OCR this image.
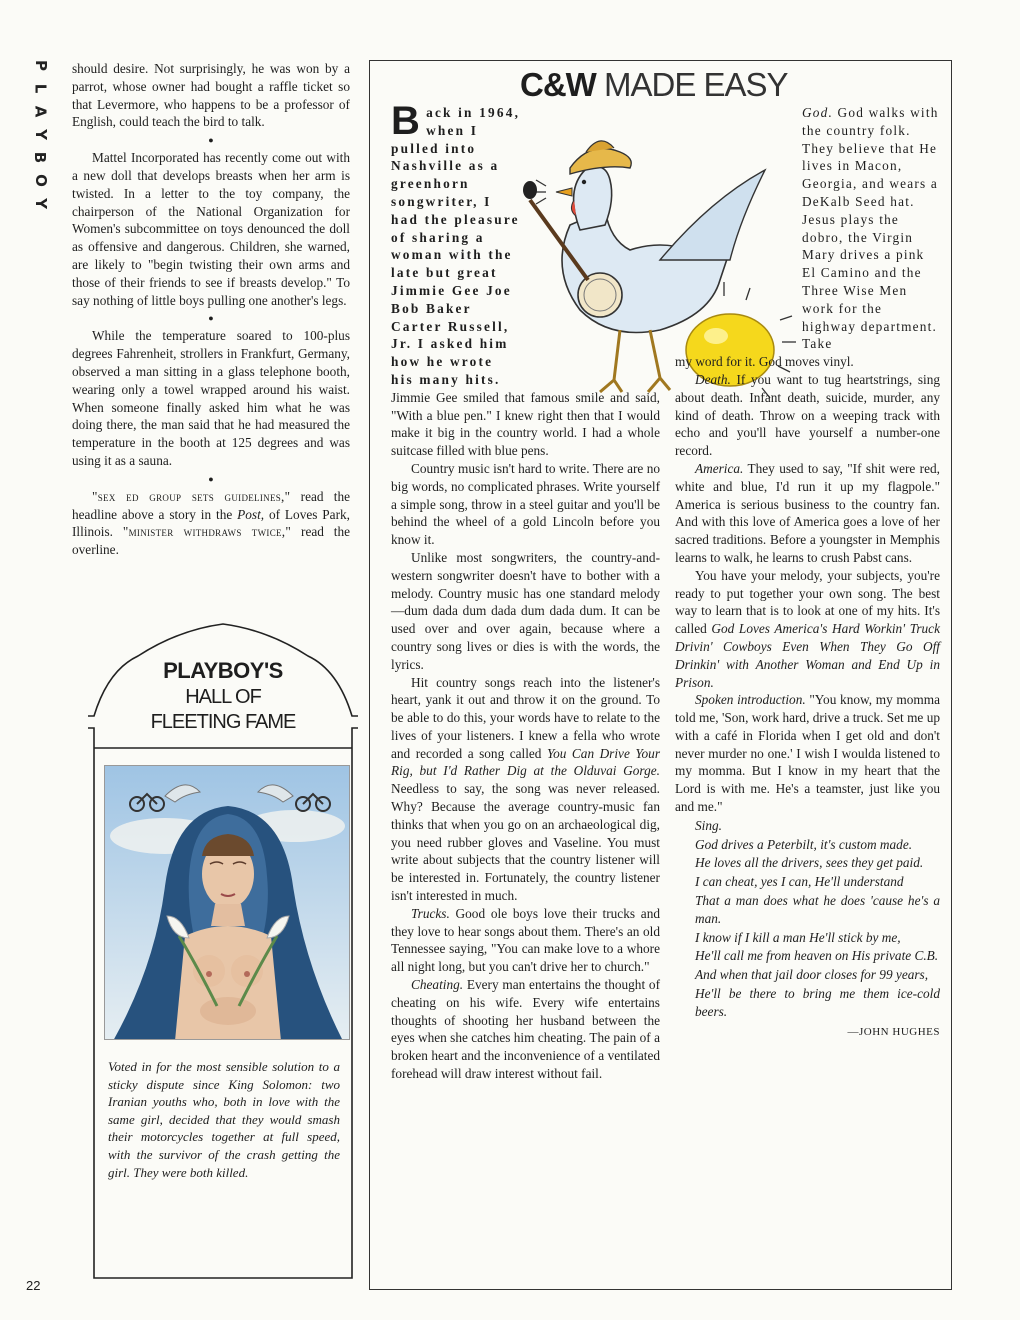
P
L
A
Y
B
O
Y

should desire. Not surprisingly, he was won by a parrot, whose owner had bought a raffle ticket so that Levermore, who happens to be a professor of English, could teach the bird to talk.

●

Mattel Incorporated has recently come out with a new doll that develops breasts when her arm is twisted. In a letter to the toy company, the chairperson of the National Organization for Women's subcommittee on toys denounced the doll as offensive and dangerous. Children, she warned, are likely to "begin twisting their own arms and those of their friends to see if breasts develop." To say nothing of little boys pulling one another's legs.

●

While the temperature soared to 100-plus degrees Fahrenheit, strollers in Frankfurt, Germany, observed a man sitting in a glass telephone booth, wearing only a towel wrapped around his waist. When someone finally asked him what he was doing there, the man said that he had measured the temperature in the booth at 125 degrees and was using it as a sauna.

●

"sex ed group sets guidelines," read the headline above a story in the Post, of Loves Park, Illinois. "minister withdraws twice," read the overline.

PLAYBOY'S
HALL OF
FLEETING FAME

Voted in for the most sensible solution to a sticky dispute since King Solomon: two Iranian youths who, both in love with the same girl, decided that they would smash their motorcycles together at full speed, with the survivor of the crash getting the girl. They were both killed.

C&W MADE EASY
Back in 1964, when I pulled into Nashville as a greenhorn songwriter, I had the pleasure of sharing a woman with the late but great Jimmie Gee Joe Bob Baker Carter Russell, Jr. I asked him how he wrote his many hits.

Jimmie Gee smiled that famous smile and said, "With a blue pen." I knew right then that I would make it big in the country world. I had a whole suitcase filled with blue pens.

Country music isn't hard to write. There are no big words, no complicated phrases. Write yourself a simple song, throw in a steel guitar and you'll be behind the wheel of a gold Lincoln before you know it.

Unlike most songwriters, the country-and-western songwriter doesn't have to bother with a melody. Country music has one standard melody—dum dada dum dada dum dada dum. It can be used over and over again, because where a country song lives or dies is with the words, the lyrics.

Hit country songs reach into the listener's heart, yank it out and throw it on the ground. To be able to do this, your words have to relate to the lives of your listeners. I knew a fella who wrote and recorded a song called You Can Drive Your Rig, but I'd Rather Dig at the Olduvai Gorge. Needless to say, the song was never released. Why? Because the average country-music fan thinks that when you go on an archaeological dig, you need rubber gloves and Vaseline. You must write about subjects that the country listener will be interested in. Fortunately, the country listener isn't interested in much.

Trucks. Good ole boys love their trucks and they love to hear songs about them. There's an old Tennessee saying, "You can make love to a whore all night long, but you can't drive her to church."

Cheating. Every man entertains the thought of cheating on his wife. Every wife entertains thoughts of shooting her husband between the eyes when she catches him cheating. The pain of a broken heart and the inconvenience of a ventilated forehead will draw interest without fail.

God. God walks with the country folk. They believe that He lives in Macon, Georgia, and wears a DeKalb Seed hat. Jesus plays the dobro, the Virgin Mary drives a pink El Camino and the Three Wise Men work for the highway department. Take

my word for it. God moves vinyl.

Death. If you want to tug heartstrings, sing about death. Infant death, suicide, murder, any kind of death. Throw on a weeping track with echo and you'll have yourself a number-one record.

America. They used to say, "If shit were red, white and blue, I'd run it up my flagpole." America is serious business to the country fan. And with this love of America goes a love of her sacred traditions. Before a youngster in Memphis learns to walk, he learns to crush Pabst cans.

You have your melody, your subjects, you're ready to put together your own song. The best way to learn that is to look at one of my hits. It's called God Loves America's Hard Workin' Truck Drivin' Cowboys Even When They Go Off Drinkin' with Another Woman and End Up in Prison.

Spoken introduction. "You know, my momma told me, 'Son, work hard, drive a truck. Set me up with a café in Florida when I get old and don't never murder no one.' I wish I woulda listened to my momma. But I know in my heart that the Lord is with me. He's a teamster, just like you and me."

Sing.

God drives a Peterbilt, it's custom made.

He loves all the drivers, sees they get paid.

I can cheat, yes I can, He'll understand

That a man does what he does 'cause he's a man.

I know if I kill a man He'll stick by me,

He'll call me from heaven on His private C.B.

And when that jail door closes for 99 years,

He'll be there to bring me them ice-cold beers.

—JOHN HUGHES
22
